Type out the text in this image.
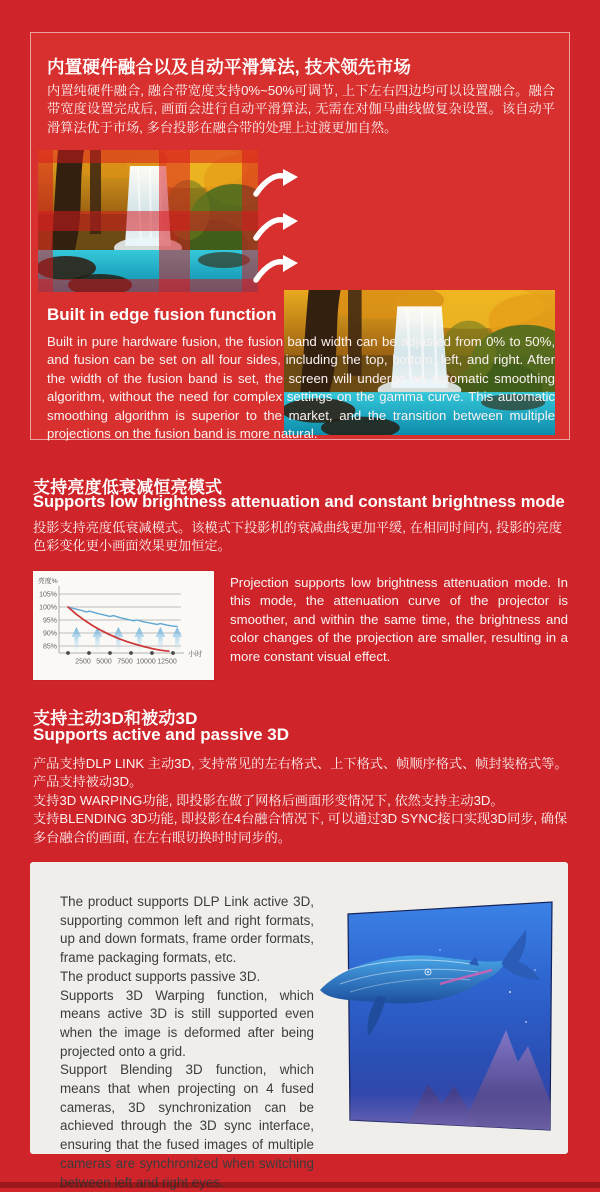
内置硬件融合以及自动平滑算法, 技术领先市场
内置纯硬件融合, 融合带宽度支持0%~50%可调节, 上下左右四边均可以设置融合。融合带宽度设置完成后, 画面会进行自动平滑算法, 无需在对伽马曲线做复杂设置。该自动平滑算法优于市场, 多台投影在融合带的处理上过渡更加自然。
Built in edge fusion function
Built in pure hardware fusion, the fusion band width can be adjusted from 0% to 50%, and fusion can be set on all four sides, including the top, bottom, left, and right. After the width of the fusion band is set, the screen will undergo an automatic smoothing algorithm, without the need for complex settings on the gamma curve. This automatic smoothing algorithm is superior to the market, and the transition between multiple projections on the fusion band is more natural.
支持亮度低衰减恒亮模式
Supports low brightness attenuation and constant brightness mode
投影支持亮度低衰减模式。该模式下投影机的衰减曲线更加平缓, 在相同时间内, 投影的亮度色彩变化更小画面效果更加恒定。
105%
100%
95%
90%
85%
亮度%
小时
2500 5000 7500 10000 12500
Projection supports low brightness attenuation mode. In this mode, the attenuation curve of the projector is smoother, and within the same time, the brightness and color changes of the projection are smaller, resulting in a more constant visual effect.
支持主动3D和被动3D
Supports active and passive 3D

产品支持DLP LINK 主动3D, 支持常见的左右格式、上下格式、帧顺序格式、帧封装格式等。

产品支持被动3D。

支持3D WARPING功能, 即投影在做了网格后画面形变情况下, 依然支持主动3D。

支持BLENDING 3D功能, 即投影在4台融合情况下, 可以通过3D SYNC接口实现3D同步, 确保多台融合的画面, 在左右眼切换时时同步的。

The product supports DLP Link active 3D, supporting common left and right formats, up and down formats, frame order formats, frame packaging formats, etc.

The product supports passive 3D.

Supports 3D Warping function, which means active 3D is still supported even when the image is deformed after being projected onto a grid.

Support Blending 3D function, which means that when projecting on 4 fused cameras, 3D synchronization can be achieved through the 3D sync interface, ensuring that the fused images of multiple cameras are synchronized when switching between left and right eyes.
